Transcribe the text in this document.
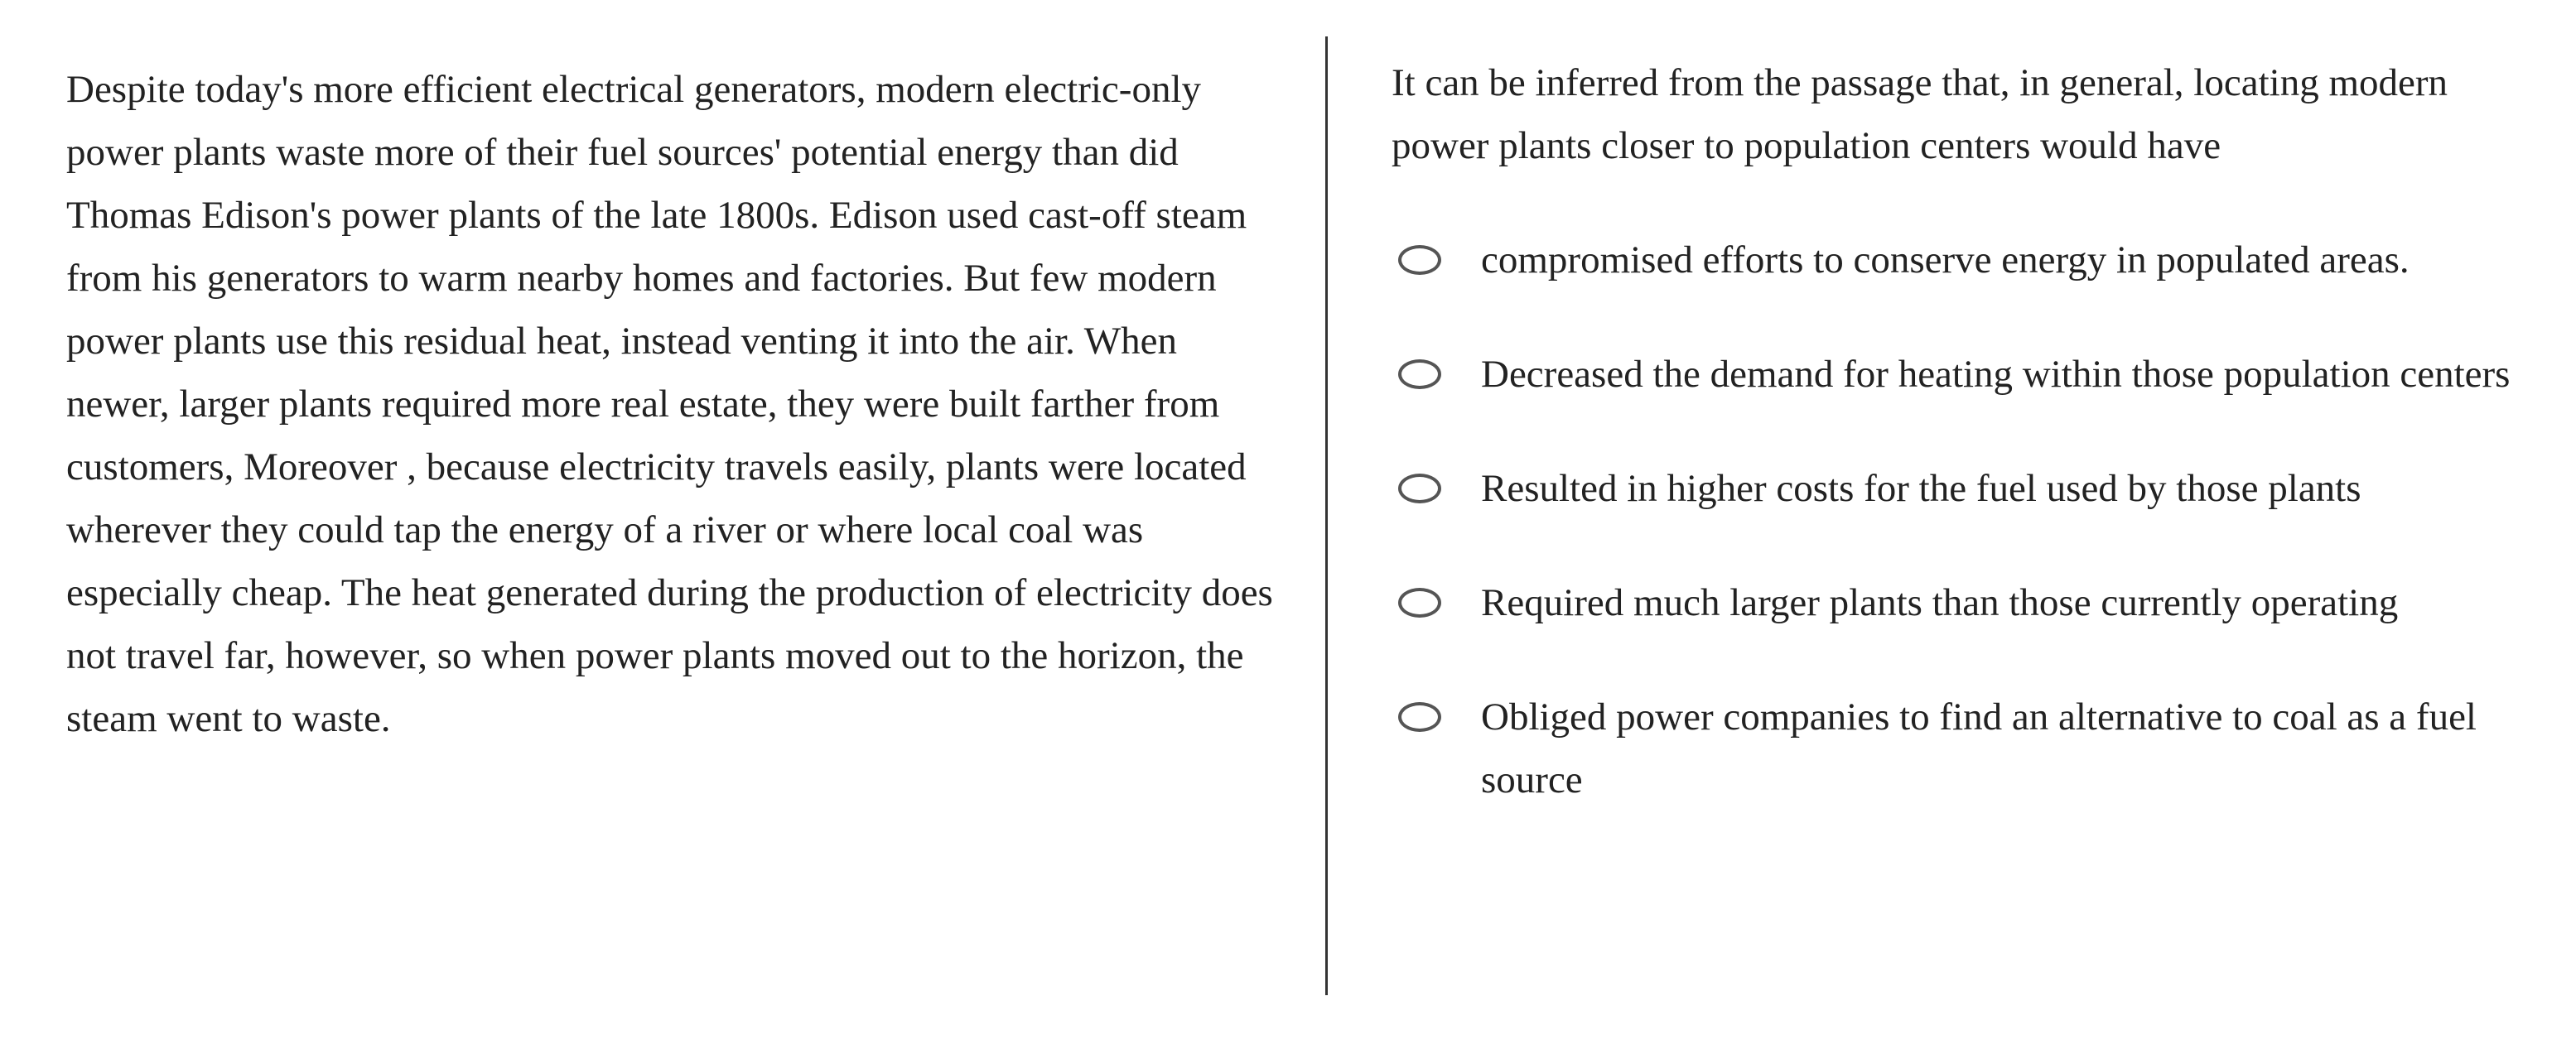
Despite today's more efficient electrical generators, modern electric-only power plants waste more of their fuel sources' potential energy than did Thomas Edison's power plants of the late 1800s. Edison used cast-off steam from his generators to warm nearby homes and factories. But few modern power plants use this residual heat, instead venting it into the air. When newer, larger plants required more real estate, they were built farther from customers, Moreover , because electricity travels easily, plants were located wherever they could tap the energy of a river or where local coal was especially cheap. The heat generated during the production of electricity does not travel far, however, so when power plants moved out to the horizon, the steam went to waste.

It can be inferred from the passage that, in general, locating modern power plants closer to population centers would have

compromised efforts to conserve energy in populated areas.
Decreased the demand for heating within those population centers
Resulted in higher costs for the fuel used by those plants
Required much larger plants than those currently operating
Obliged power companies to find an alternative to coal as a fuel source
